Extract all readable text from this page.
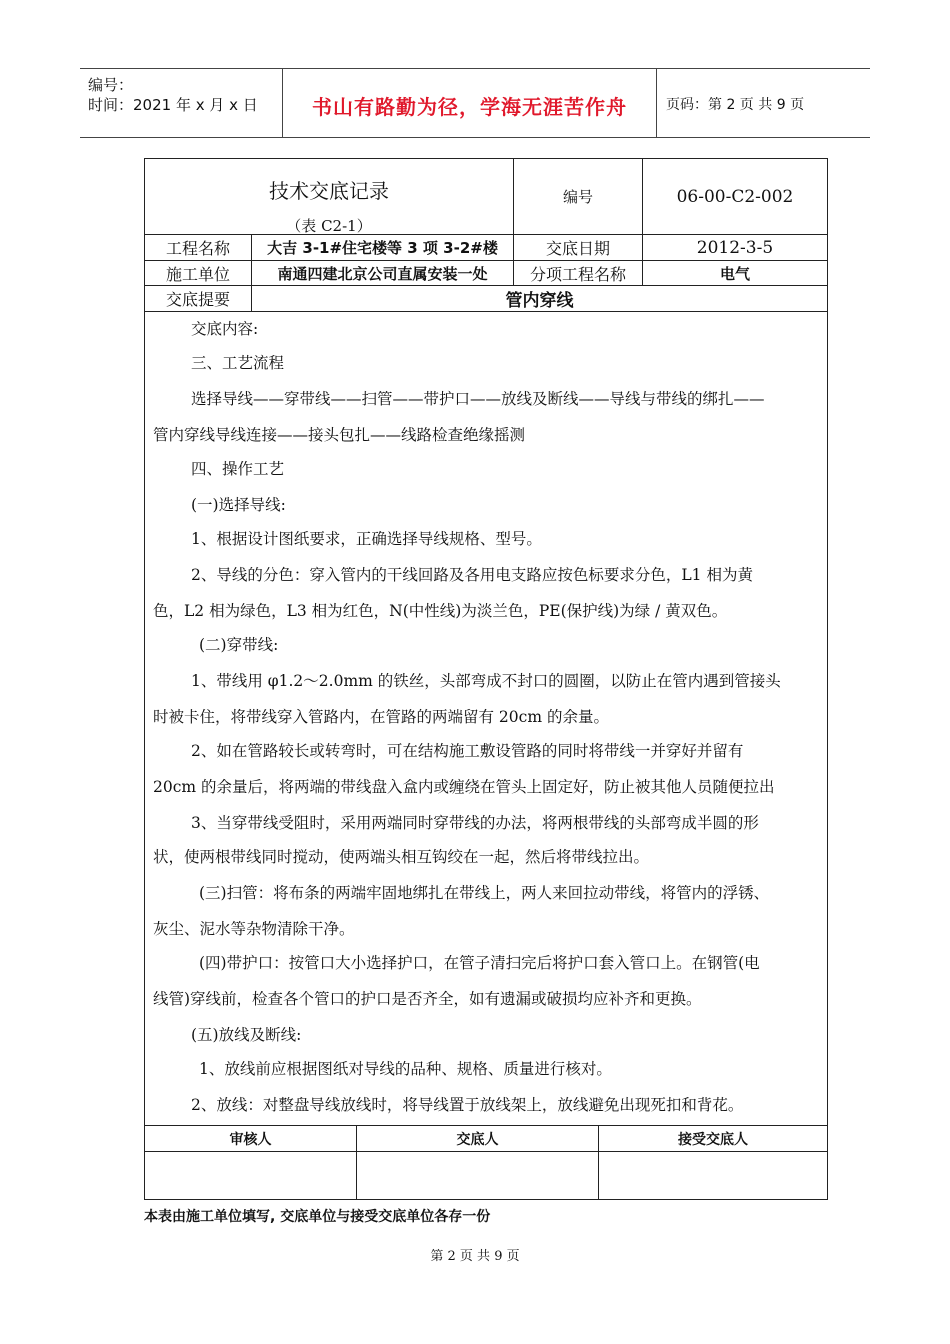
编号：
时间：2021 年 x 月 x 日	书山有路勤为径，学海无涯苦作舟	页码：第 2 页 共 9 页
技术交底记录
（表 C2-1）
编号	06-00-C2-002
工程名称	大吉 3-1#住宅楼等 3 项 3-2#楼	交底日期	2012-3-5
施工单位	南通四建北京公司直属安装一处	分项工程名称	电气
交底提要	管内穿线
交底内容:
三、工艺流程
选择导线——穿带线——扫管——带护口——放线及断线——导线与带线的绑扎——
管内穿线导线连接——接头包扎——线路检查绝缘摇测
四、操作工艺
(一)选择导线:
1、根据设计图纸要求，正确选择导线规格、型号。
2、导线的分色：穿入管内的干线回路及各用电支路应按色标要求分色，L1 相为黄
色，L2 相为绿色，L3 相为红色，N(中性线)为淡兰色，PE(保护线)为绿 / 黄双色。
(二)穿带线:
1、带线用 φ1.2～2.0mm 的铁丝，头部弯成不封口的圆圈，以防止在管内遇到管接头
时被卡住，将带线穿入管路内，在管路的两端留有 20cm 的余量。
2、如在管路较长或转弯时，可在结构施工敷设管路的同时将带线一并穿好并留有
20cm 的余量后，将两端的带线盘入盒内或缠绕在管头上固定好，防止被其他人员随便拉出
3、当穿带线受阻时，采用两端同时穿带线的办法，将两根带线的头部弯成半圆的形
状，使两根带线同时搅动，使两端头相互钩绞在一起，然后将带线拉出。
(三)扫管：将布条的两端牢固地绑扎在带线上，两人来回拉动带线，将管内的浮锈、
灰尘、泥水等杂物清除干净。
(四)带护口：按管口大小选择护口，在管子清扫完后将护口套入管口上。在钢管(电
线管)穿线前，检查各个管口的护口是否齐全，如有遗漏或破损均应补齐和更换。
(五)放线及断线:
1、放线前应根据图纸对导线的品种、规格、质量进行核对。
2、放线：对整盘导线放线时，将导线置于放线架上，放线避免出现死扣和背花。
审核人	交底人	接受交底人
本表由施工单位填写, 交底单位与接受交底单位各存一份
第 2 页 共 9 页
